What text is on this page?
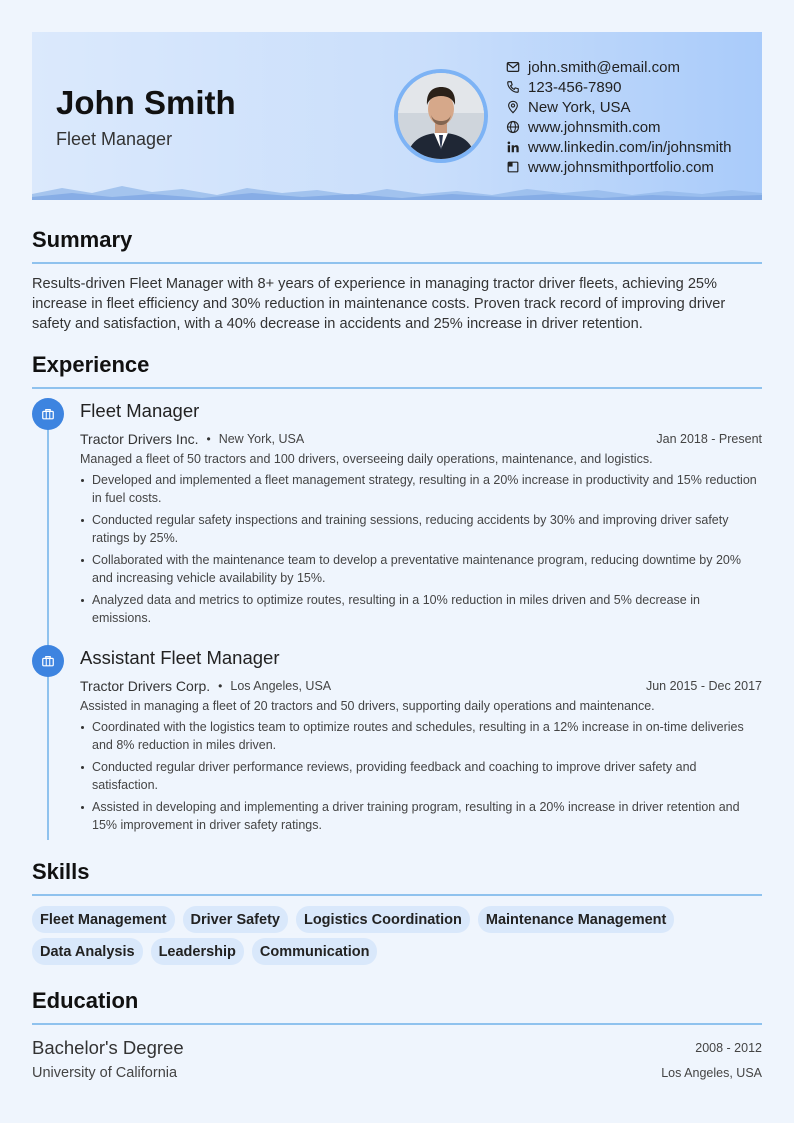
John Smith
Fleet Manager
john.smith@email.com
123-456-7890
New York, USA
www.johnsmith.com
www.linkedin.com/in/johnsmith
www.johnsmithportfolio.com
Summary
Results-driven Fleet Manager with 8+ years of experience in managing tractor driver fleets, achieving 25% increase in fleet efficiency and 30% reduction in maintenance costs. Proven track record of improving driver safety and satisfaction, with a 40% decrease in accidents and 25% increase in driver retention.
Experience
Fleet Manager
Tractor Drivers Inc. • New York, USA	Jan 2018 - Present
Managed a fleet of 50 tractors and 100 drivers, overseeing daily operations, maintenance, and logistics.
Developed and implemented a fleet management strategy, resulting in a 20% increase in productivity and 15% reduction in fuel costs.
Conducted regular safety inspections and training sessions, reducing accidents by 30% and improving driver safety ratings by 25%.
Collaborated with the maintenance team to develop a preventative maintenance program, reducing downtime by 20% and increasing vehicle availability by 15%.
Analyzed data and metrics to optimize routes, resulting in a 10% reduction in miles driven and 5% decrease in emissions.
Assistant Fleet Manager
Tractor Drivers Corp. • Los Angeles, USA	Jun 2015 - Dec 2017
Assisted in managing a fleet of 20 tractors and 50 drivers, supporting daily operations and maintenance.
Coordinated with the logistics team to optimize routes and schedules, resulting in a 12% increase in on-time deliveries and 8% reduction in miles driven.
Conducted regular driver performance reviews, providing feedback and coaching to improve driver safety and satisfaction.
Assisted in developing and implementing a driver training program, resulting in a 20% increase in driver retention and 15% improvement in driver safety ratings.
Skills
Fleet Management	Driver Safety	Logistics Coordination	Maintenance Management
Data Analysis	Leadership	Communication
Education
Bachelor's Degree	2008 - 2012
University of California	Los Angeles, USA
